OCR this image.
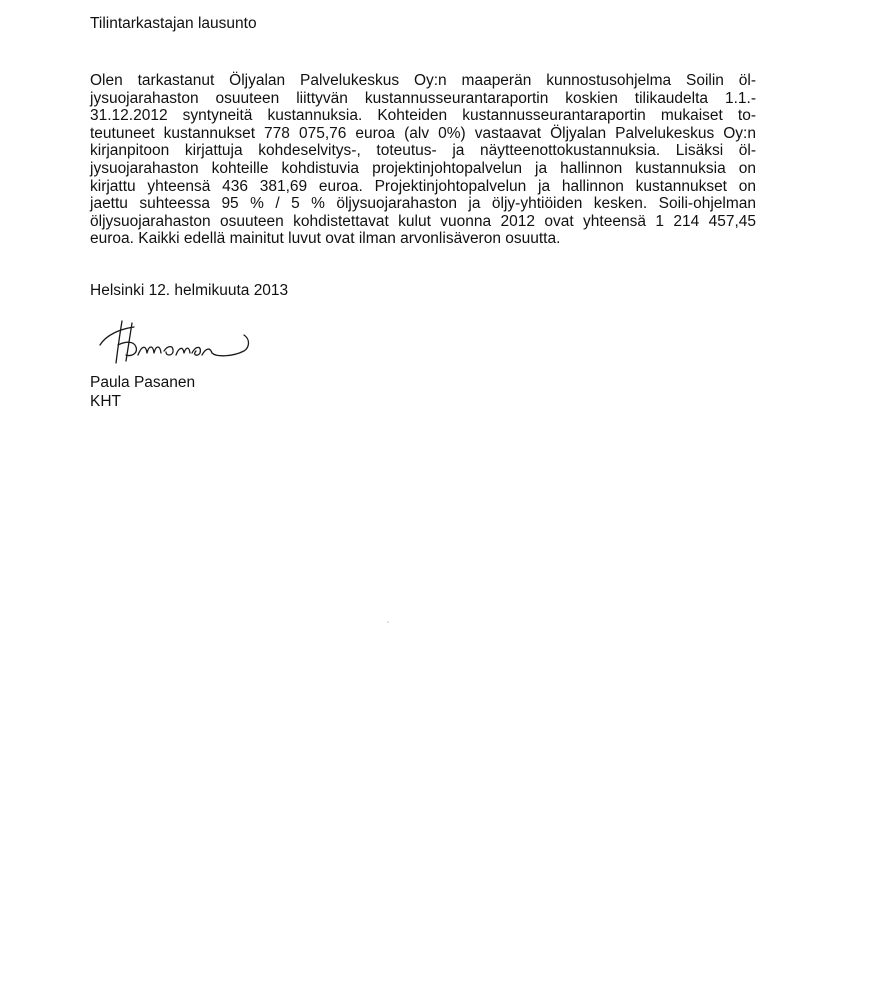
Tilintarkastajan lausunto
Olen tarkastanut Öljyalan Palvelukeskus Oy:n maaperän kunnostusohjelma Soilin öl-
jysuojarahaston osuuteen liittyvän kustannusseurantaraportin koskien tilikaudelta 1.1.-
31.12.2012 syntyneitä kustannuksia. Kohteiden kustannusseurantaraportin mukaiset to-
teutuneet kustannukset 778 075,76 euroa (alv 0%) vastaavat Öljyalan Palvelukeskus Oy:n
kirjanpitoon kirjattuja kohdeselvitys-, toteutus- ja näytteenottokustannuksia. Lisäksi öl-
jysuojarahaston kohteille kohdistuvia projektinjohtopalvelun ja hallinnon kustannuksia on
kirjattu yhteensä 436 381,69 euroa. Projektinjohtopalvelun ja hallinnon kustannukset on
jaettu suhteessa 95 % / 5 % öljysuojarahaston ja öljy-yhtiöiden kesken. Soili-ohjelman
öljysuojarahaston osuuteen kohdistettavat kulut vuonna 2012 ovat yhteensä 1 214 457,45
euroa. Kaikki edellä mainitut luvut ovat ilman arvonlisäveron osuutta.
Helsinki 12. helmikuuta 2013
Paula Pasanen
KHT
